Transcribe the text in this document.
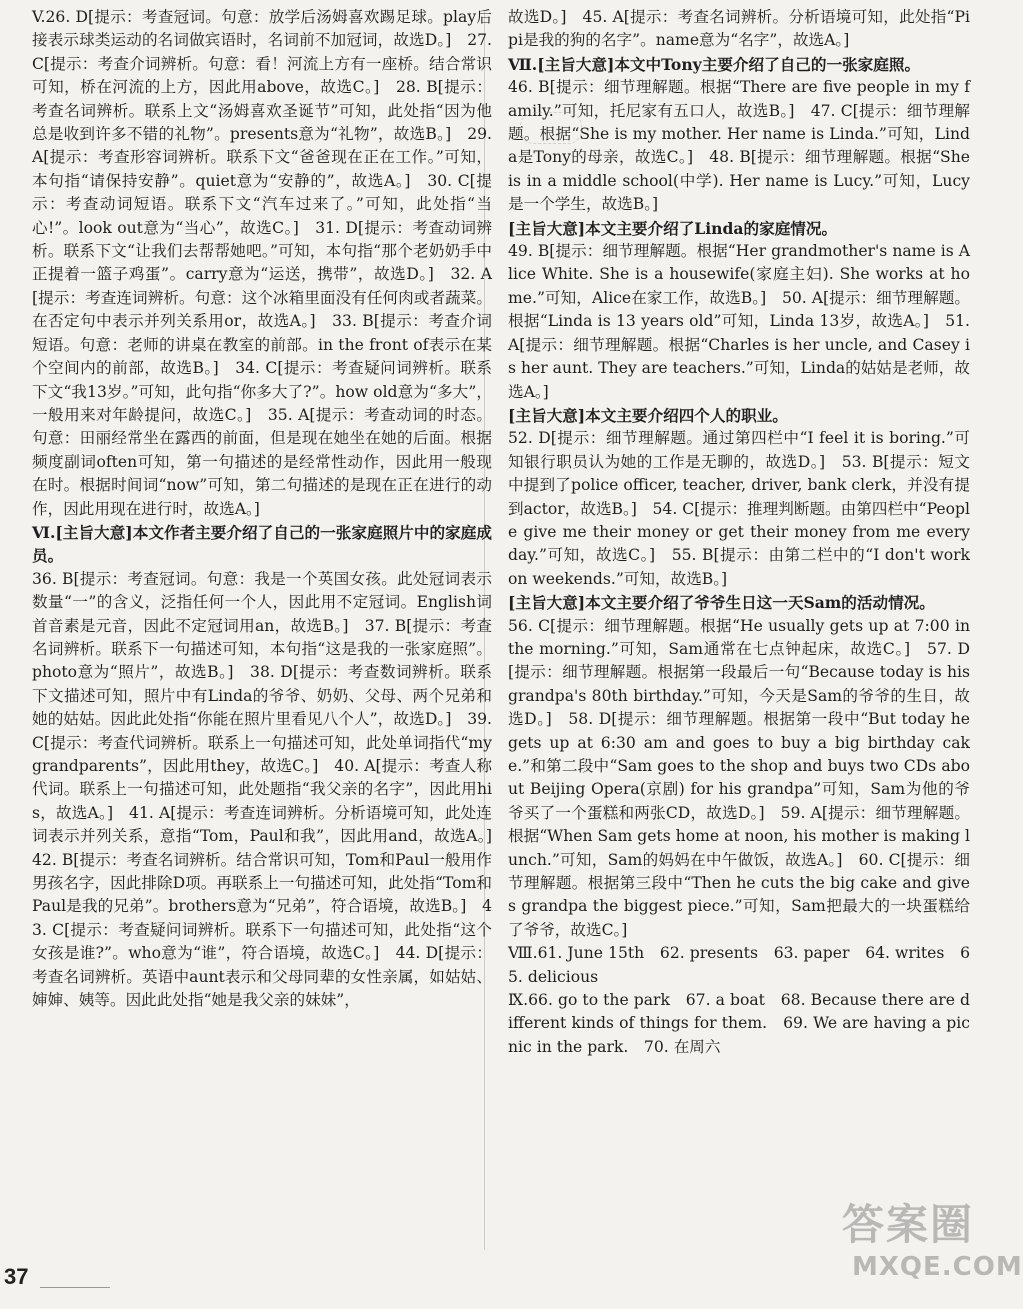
V.26. D[提示：考查冠词。句意：放学后汤姆喜欢踢足球。play后接表示球类运动的名词做宾语时，名词前不加冠词，故选D。]　27. C[提示：考查介词辨析。句意：看！河流上方有一座桥。结合常识可知，桥在河流的上方，因此用above，故选C。]　28. B[提示：考查名词辨析。联系上文“汤姆喜欢圣诞节”可知，此处指“因为他总是收到许多不错的礼物”。presents意为“礼物”，故选B。]　29. A[提示：考查形容词辨析。联系下文“爸爸现在正在工作。”可知，本句指“请保持安静”。quiet意为“安静的”，故选A。]　30. C[提示：考查动词短语。联系下文“汽车过来了。”可知，此处指“当心!”。look out意为“当心”，故选C。]　31. D[提示：考查动词辨析。联系下文“让我们去帮帮她吧。”可知，本句指“那个老奶奶手中正提着一篮子鸡蛋”。carry意为“运送，携带”，故选D。]　32. A[提示：考查连词辨析。句意：这个冰箱里面没有任何肉或者蔬菜。在否定句中表示并列关系用or，故选A。]　33. B[提示：考查介词短语。句意：老师的讲桌在教室的前部。in the front of表示在某个空间内的前部，故选B。]　34. C[提示：考查疑问词辨析。联系下文“我13岁。”可知，此句指“你多大了?”。how old意为“多大”，一般用来对年龄提问，故选C。]　35. A[提示：考查动词的时态。句意：田丽经常坐在露西的前面，但是现在她坐在她的后面。根据频度副词often可知，第一句描述的是经常性动作，因此用一般现在时。根据时间词“now”可知，第二句描述的是现在正在进行的动作，因此用现在进行时，故选A。]

Ⅵ.[主旨大意]本文作者主要介绍了自己的一张家庭照片中的家庭成员。

36. B[提示：考查冠词。句意：我是一个英国女孩。此处冠词表示数量“一”的含义，泛指任何一个人，因此用不定冠词。English词首音素是元音，因此不定冠词用an，故选B。]　37. B[提示：考查名词辨析。联系下一句描述可知，本句指“这是我的一张家庭照”。photo意为“照片”，故选B。]　38. D[提示：考查数词辨析。联系下文描述可知，照片中有Linda的爷爷、奶奶、父母、两个兄弟和她的姑姑。因此此处指“你能在照片里看见八个人”，故选D。]　39. C[提示：考查代词辨析。联系上一句描述可知，此处单词指代“my grandparents”，因此用they，故选C。]　40. A[提示：考查人称代词。联系上一句描述可知，此处题指“我父亲的名字”，因此用his，故选A。]　41. A[提示：考查连词辨析。分析语境可知，此处连词表示并列关系，意指“Tom，Paul和我”，因此用and，故选A。]　42. B[提示：考查名词辨析。结合常识可知，Tom和Paul一般用作男孩名字，因此排除D项。再联系上一句描述可知，此处指“Tom和Paul是我的兄弟”。brothers意为“兄弟”，符合语境，故选B。]　43. C[提示：考查疑问词辨析。联系下一句描述可知，此处指“这个女孩是谁?”。who意为“谁”，符合语境，故选C。]　44. D[提示：考查名词辨析。英语中aunt表示和父母同辈的女性亲属，如姑姑、婶婶、姨等。因此此处指“她是我父亲的妹妹”，

故选D。]　45. A[提示：考查名词辨析。分析语境可知，此处指“Pipi是我的狗的名字”。name意为“名字”，故选A。]

Ⅶ.[主旨大意]本文中Tony主要介绍了自己的一张家庭照。

46. B[提示：细节理解题。根据“There are five people in my family.”可知，托尼家有五口人，故选B。]　47. C[提示：细节理解题。根据“She is my mother. Her name is Linda.”可知，Linda是Tony的母亲，故选C。]　48. B[提示：细节理解题。根据“She is in a middle school(中学). Her name is Lucy.”可知，Lucy是一个学生，故选B。]

[主旨大意]本文主要介绍了Linda的家庭情况。

49. B[提示：细节理解题。根据“Her grandmother's name is Alice White. She is a housewife(家庭主妇). She works at home.”可知，Alice在家工作，故选B。]　50. A[提示：细节理解题。根据“Linda is 13 years old”可知，Linda 13岁，故选A。]　51. A[提示：细节理解题。根据“Charles is her uncle, and Casey is her aunt. They are teachers.”可知，Linda的姑姑是老师，故选A。]

[主旨大意]本文主要介绍四个人的职业。

52. D[提示：细节理解题。通过第四栏中“I feel it is boring.”可知银行职员认为她的工作是无聊的，故选D。]　53. B[提示：短文中提到了police officer, teacher, driver, bank clerk，并没有提到actor，故选B。]　54. C[提示：推理判断题。由第四栏中“People give me their money or get their money from me every day.”可知，故选C。]　55. B[提示：由第二栏中的“I don't work on weekends.”可知，故选B。]

[主旨大意]本文主要介绍了爷爷生日这一天Sam的活动情况。

56. C[提示：细节理解题。根据“He usually gets up at 7:00 in the morning.”可知，Sam通常在七点钟起床，故选C。]　57. D[提示：细节理解题。根据第一段最后一句“Because today is his grandpa's 80th birthday.”可知，今天是Sam的爷爷的生日，故选D。]　58. D[提示：细节理解题。根据第一段中“But today he gets up at 6:30 am and goes to buy a big birthday cake.”和第二段中“Sam goes to the shop and buys two CDs about Beijing Opera(京剧) for his grandpa”可知，Sam为他的爷爷买了一个蛋糕和两张CD，故选D。]　59. A[提示：细节理解题。根据“When Sam gets home at noon, his mother is making lunch.”可知，Sam的妈妈在中午做饭，故选A。]　60. C[提示：细节理解题。根据第三段中“Then he cuts the big cake and gives grandpa the biggest piece.”可知，Sam把最大的一块蛋糕给了爷爷，故选C。]

Ⅷ.61. June 15th　62. presents　63. paper　64. writes　65. delicious

Ⅸ.66. go to the park　67. a boat　68. Because there are different kinds of things for them.　69. We are having a picnic in the park.　70. 在周六

37
答案圈
MXQE.COM
